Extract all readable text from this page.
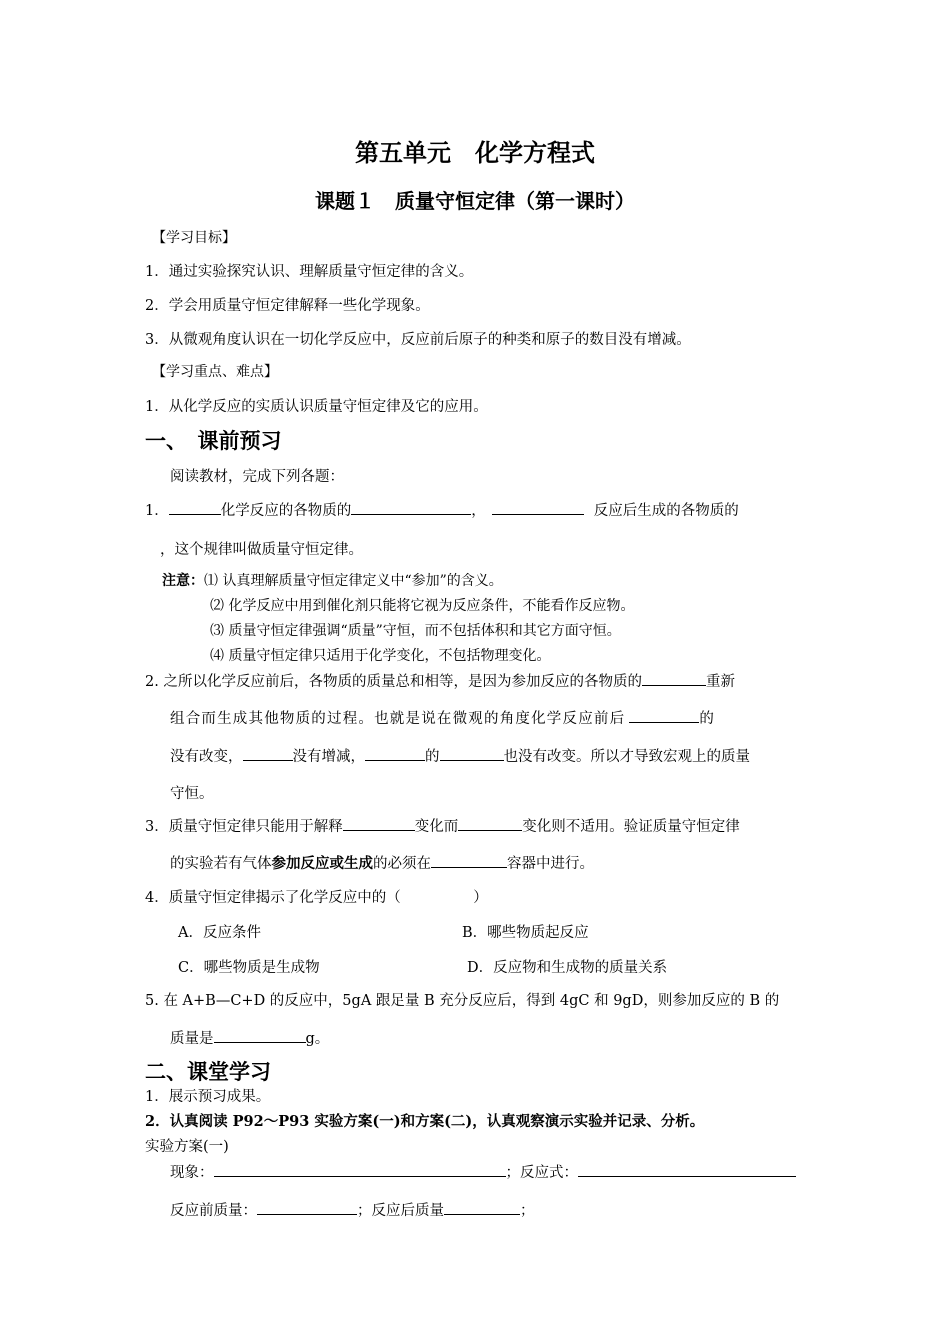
第五单元　化学方程式
课题１　质量守恒定律（第一课时）
【学习目标】
1．通过实验探究认识、理解质量守恒定律的含义。
2．学会用质量守恒定律解释一些化学现象。
3．从微观角度认识在一切化学反应中，反应前后原子的种类和原子的数目没有增减。
【学习重点、难点】
1．从化学反应的实质认识质量守恒定律及它的应用。
一、　课前预习
阅读教材，完成下列各题：
1．	化学反应的各物质的	，	反应后生成的各物质的
，这个规律叫做质量守恒定律。
注意：⑴ 认真理解质量守恒定律定义中“参加”的含义。
⑵ 化学反应中用到催化剂只能将它视为反应条件，不能看作反应物。
⑶ 质量守恒定律强调“质量”守恒，而不包括体积和其它方面守恒。
⑷ 质量守恒定律只适用于化学变化，不包括物理变化。
2. 之所以化学反应前后，各物质的质量总和相等，是因为参加反应的各物质的	重新
组合而生成其他物质的过程。也就是说在微观的角度化学反应前后	的
没有改变，	没有增减，	的	也没有改变。所以才导致宏观上的质量
守恒。
3．质量守恒定律只能用于解释	变化而	变化则不适用。验证质量守恒定律
的实验若有气体参加反应或生成的必须在	容器中进行。
4．质量守恒定律揭示了化学反应中的（　　　　　）
A．反应条件	B．哪些物质起反应
C．哪些物质是生成物	D．反应物和生成物的质量关系
5. 在 A+B—C+D 的反应中，5gA 跟足量 B 充分反应后，得到 4gC 和 9gD，则参加反应的 B 的
质量是	g。
二、课堂学习
1．展示预习成果。
2．认真阅读 P92～P93 实验方案(一)和方案(二)，认真观察演示实验并记录、分析。
实验方案(一)
现象：	；反应式：
反应前质量：	；反应后质量	；
